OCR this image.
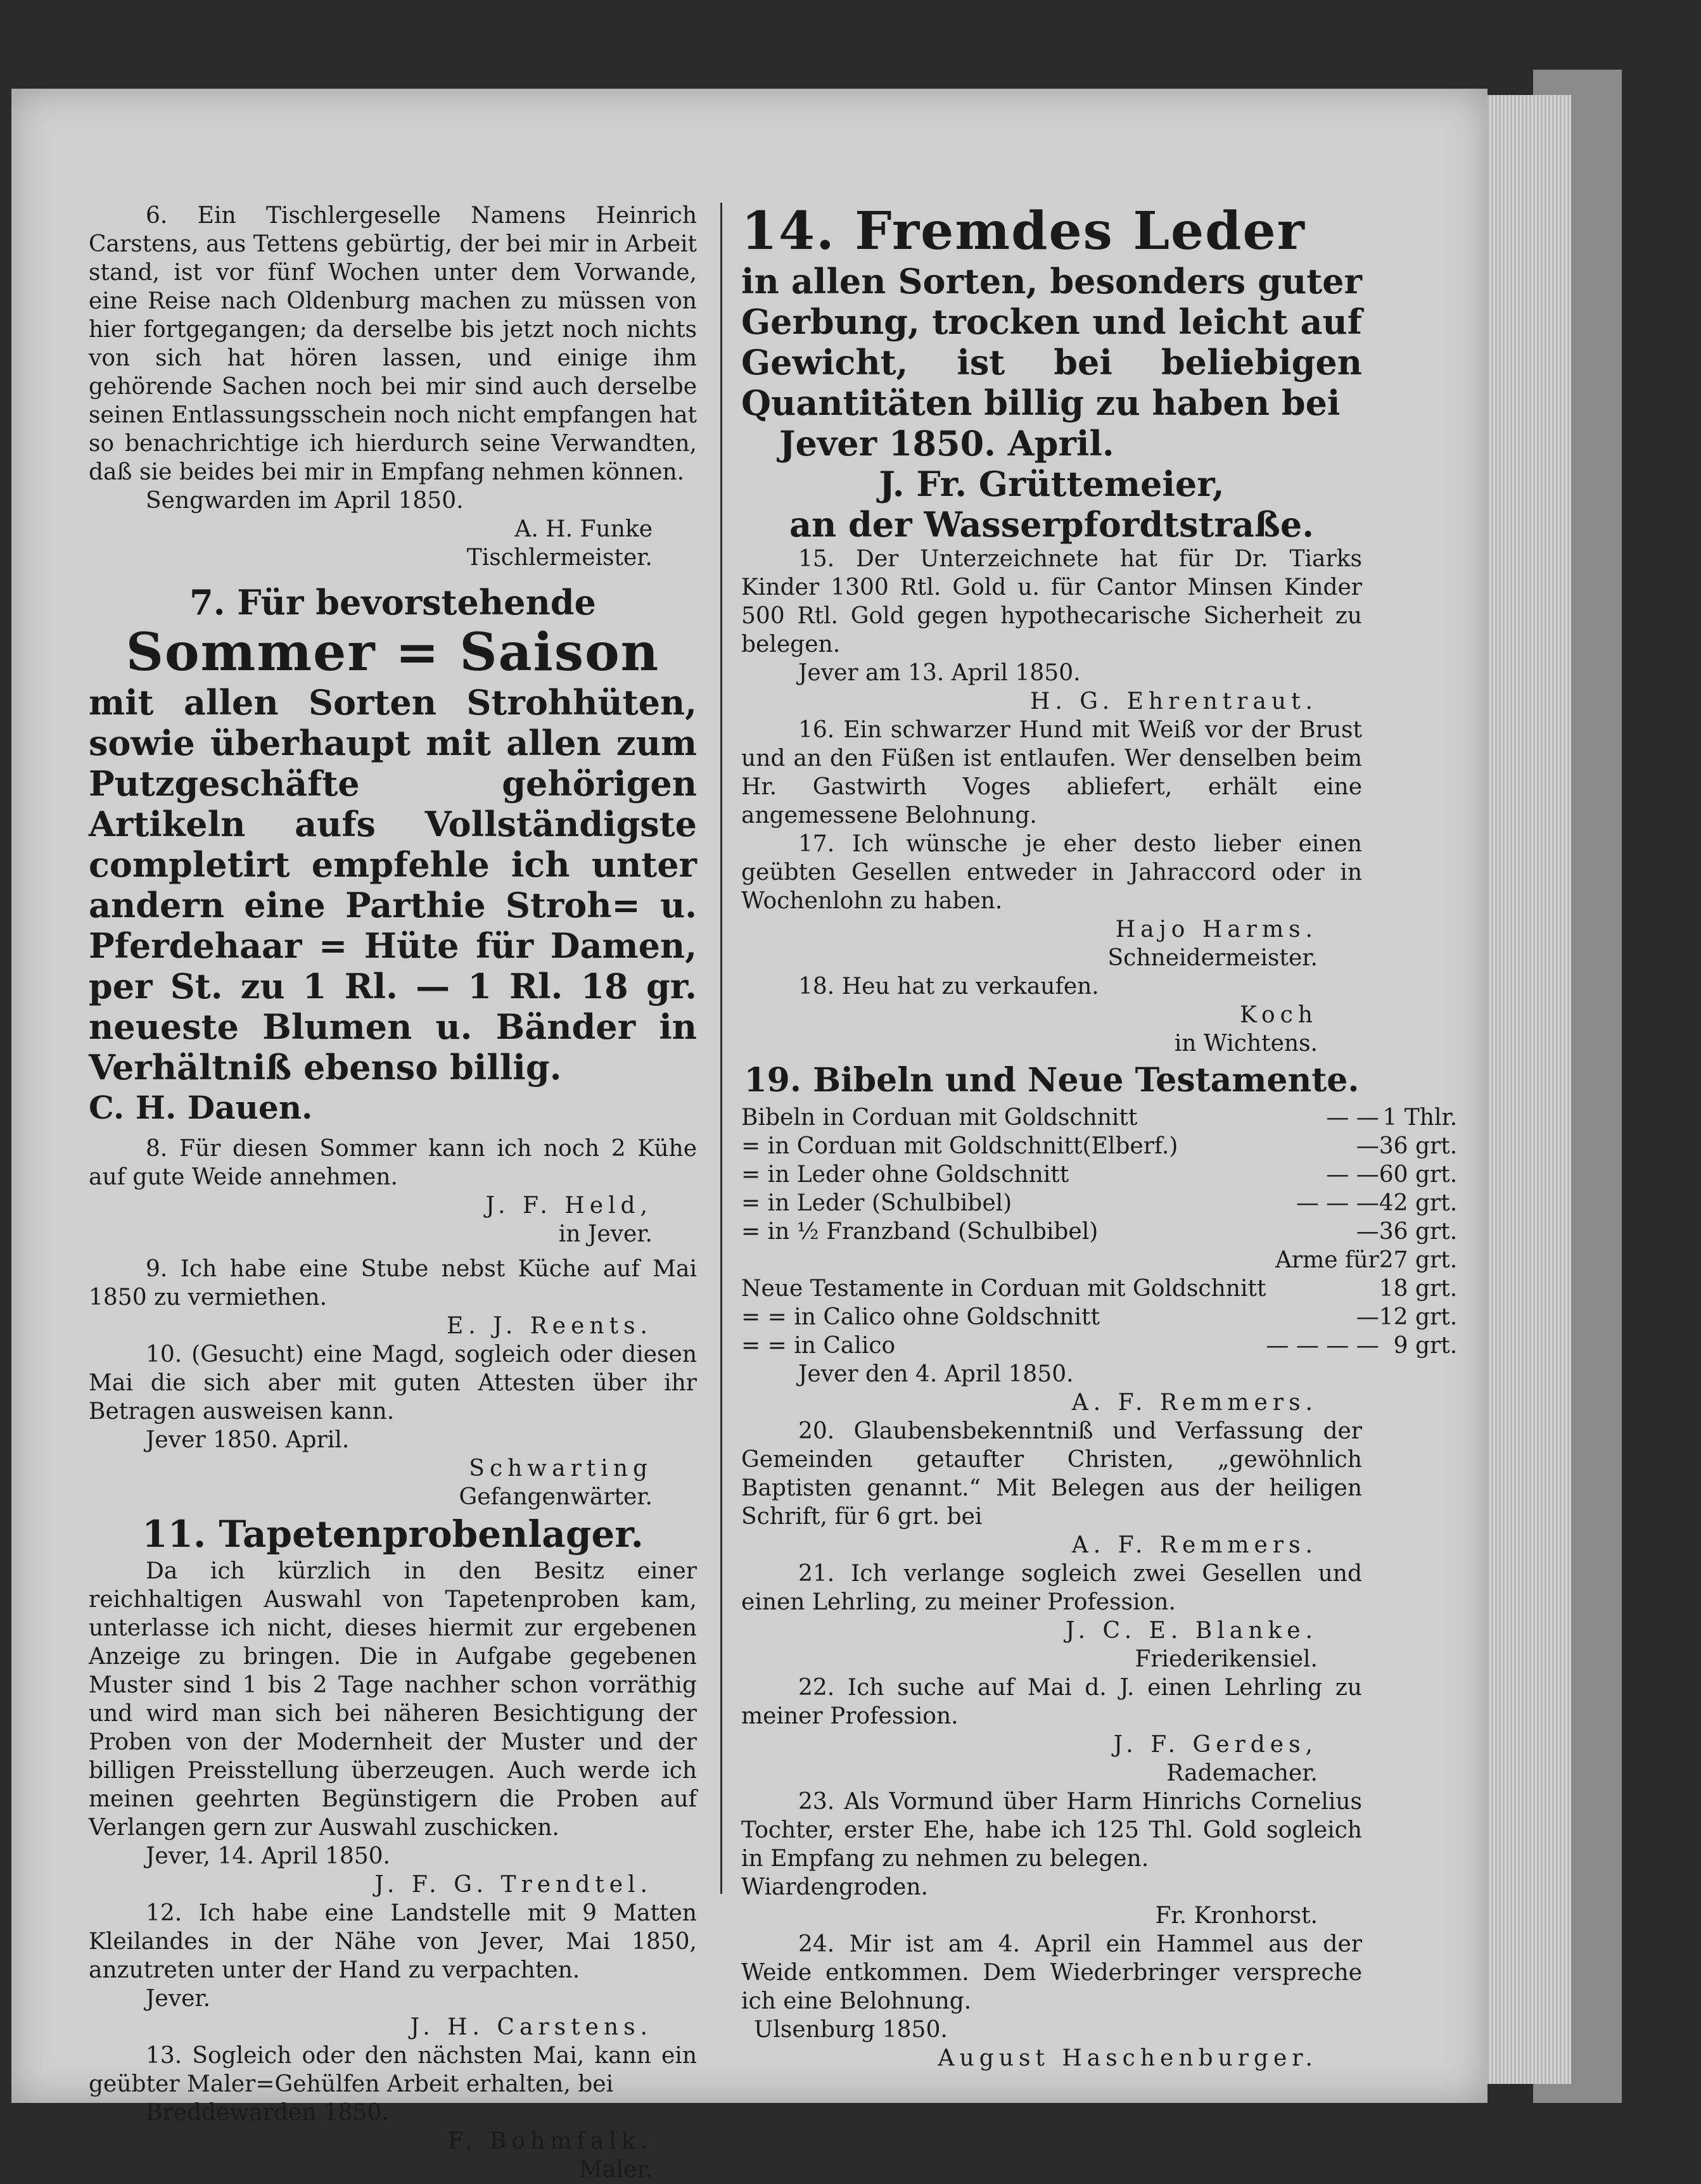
6. Ein Tischlergeselle Namens Heinrich Carstens, aus Tettens gebürtig, der bei mir in Arbeit stand, ist vor fünf Wochen unter dem Vorwande, eine Reise nach Oldenburg machen zu müssen von hier fortgegangen; da derselbe bis jetzt noch nichts von sich hat hören lassen, und einige ihm gehörende Sachen noch bei mir sind auch derselbe seinen Entlassungsschein noch nicht empfangen hat so benachrichtige ich hierdurch seine Verwandten, daß sie beides bei mir in Empfang nehmen können.

Sengwarden im April 1850.

A. H. Funke

Tischlermeister.

7. Für bevorstehende

Sommer = Saison

mit allen Sorten Strohhüten, sowie überhaupt mit allen zum Putzgeschäfte gehörigen Artikeln aufs Vollständigste completirt empfehle ich unter andern eine Parthie Stroh= u. Pferdehaar = Hüte für Damen, per St. zu 1 Rl. — 1 Rl. 18 gr. neueste Blumen u. Bänder in Verhältniß ebenso billig.

C. H. Dauen.

8. Für diesen Sommer kann ich noch 2 Kühe auf gute Weide annehmen.

J. F. Held,

in Jever.

9. Ich habe eine Stube nebst Küche auf Mai 1850 zu vermiethen.

E. J. Reents.

10. (Gesucht) eine Magd, sogleich oder diesen Mai die sich aber mit guten Attesten über ihr Betragen ausweisen kann.

Jever 1850. April.

Schwarting

Gefangenwärter.

11. Tapetenprobenlager.

Da ich kürzlich in den Besitz einer reichhaltigen Auswahl von Tapetenproben kam, unterlasse ich nicht, dieses hiermit zur ergebenen Anzeige zu bringen. Die in Aufgabe gegebenen Muster sind 1 bis 2 Tage nachher schon vorräthig und wird man sich bei näheren Besichtigung der Proben von der Modernheit der Muster und der billigen Preisstellung überzeugen. Auch werde ich meinen geehrten Begünstigern die Proben auf Verlangen gern zur Auswahl zuschicken.

Jever, 14. April 1850.

J. F. G. Trendtel.

12. Ich habe eine Landstelle mit 9 Matten Kleilandes in der Nähe von Jever, Mai 1850, anzutreten unter der Hand zu verpachten.

Jever.

J. H. Carstens.

13. Sogleich oder den nächsten Mai, kann ein geübter Maler=Gehülfen Arbeit erhalten, bei

Breddewarden 1850.

F. Bohmfalk.

Maler.

14. Fremdes Leder

in allen Sorten, besonders guter Gerbung, trocken und leicht auf Gewicht, ist bei beliebigen Quantitäten billig zu haben bei

Jever 1850. April.

J. Fr. Grüttemeier,

an der Wasserpfordtstraße.

15. Der Unterzeichnete hat für Dr. Tiarks Kinder 1300 Rtl. Gold u. für Cantor Minsen Kinder 500 Rtl. Gold gegen hypothecarische Sicherheit zu belegen.

Jever am 13. April 1850.

H. G. Ehrentraut.

16. Ein schwarzer Hund mit Weiß vor der Brust und an den Füßen ist entlaufen. Wer denselben beim Hr. Gastwirth Voges abliefert, erhält eine angemessene Belohnung.

17. Ich wünsche je eher desto lieber einen geübten Gesellen entweder in Jahraccord oder in Wochenlohn zu haben.

Hajo Harms.

Schneidermeister.

18. Heu hat zu verkaufen.

Koch

in Wichtens.

19. Bibeln und Neue Testamente.

Bibeln in Corduan mit Goldschnitt	— —	1 Thlr.
= in Corduan mit Goldschnitt(Elberf.)	—	36 grt.
= in Leder ohne Goldschnitt	— —	60 grt.
= in Leder (Schulbibel)	— — —	42 grt.
= in ½ Franzband (Schulbibel)	—	36 grt.
	Arme für	27 grt.
Neue Testamente in Corduan mit Goldschnitt		18 grt.
= = in Calico ohne Goldschnitt	—	12 grt.
= = in Calico	— — — —	9 grt.

Jever den 4. April 1850.

A. F. Remmers.

20. Glaubensbekenntniß und Verfassung der Gemeinden getaufter Christen, „gewöhnlich Baptisten genannt.“ Mit Belegen aus der heiligen Schrift, für 6 grt. bei

A. F. Remmers.

21. Ich verlange sogleich zwei Gesellen und einen Lehrling, zu meiner Profession.

J. C. E. Blanke.

Friederikensiel.

22. Ich suche auf Mai d. J. einen Lehrling zu meiner Profession.

J. F. Gerdes,

Rademacher.

23. Als Vormund über Harm Hinrichs Cornelius Tochter, erster Ehe, habe ich 125 Thl. Gold sogleich in Empfang zu nehmen zu belegen.

Wiardengroden.

Fr. Kronhorst.

24. Mir ist am 4. April ein Hammel aus der Weide entkommen. Dem Wiederbringer verspreche ich eine Belohnung.

Ulsenburg 1850.

August Haschenburger.
